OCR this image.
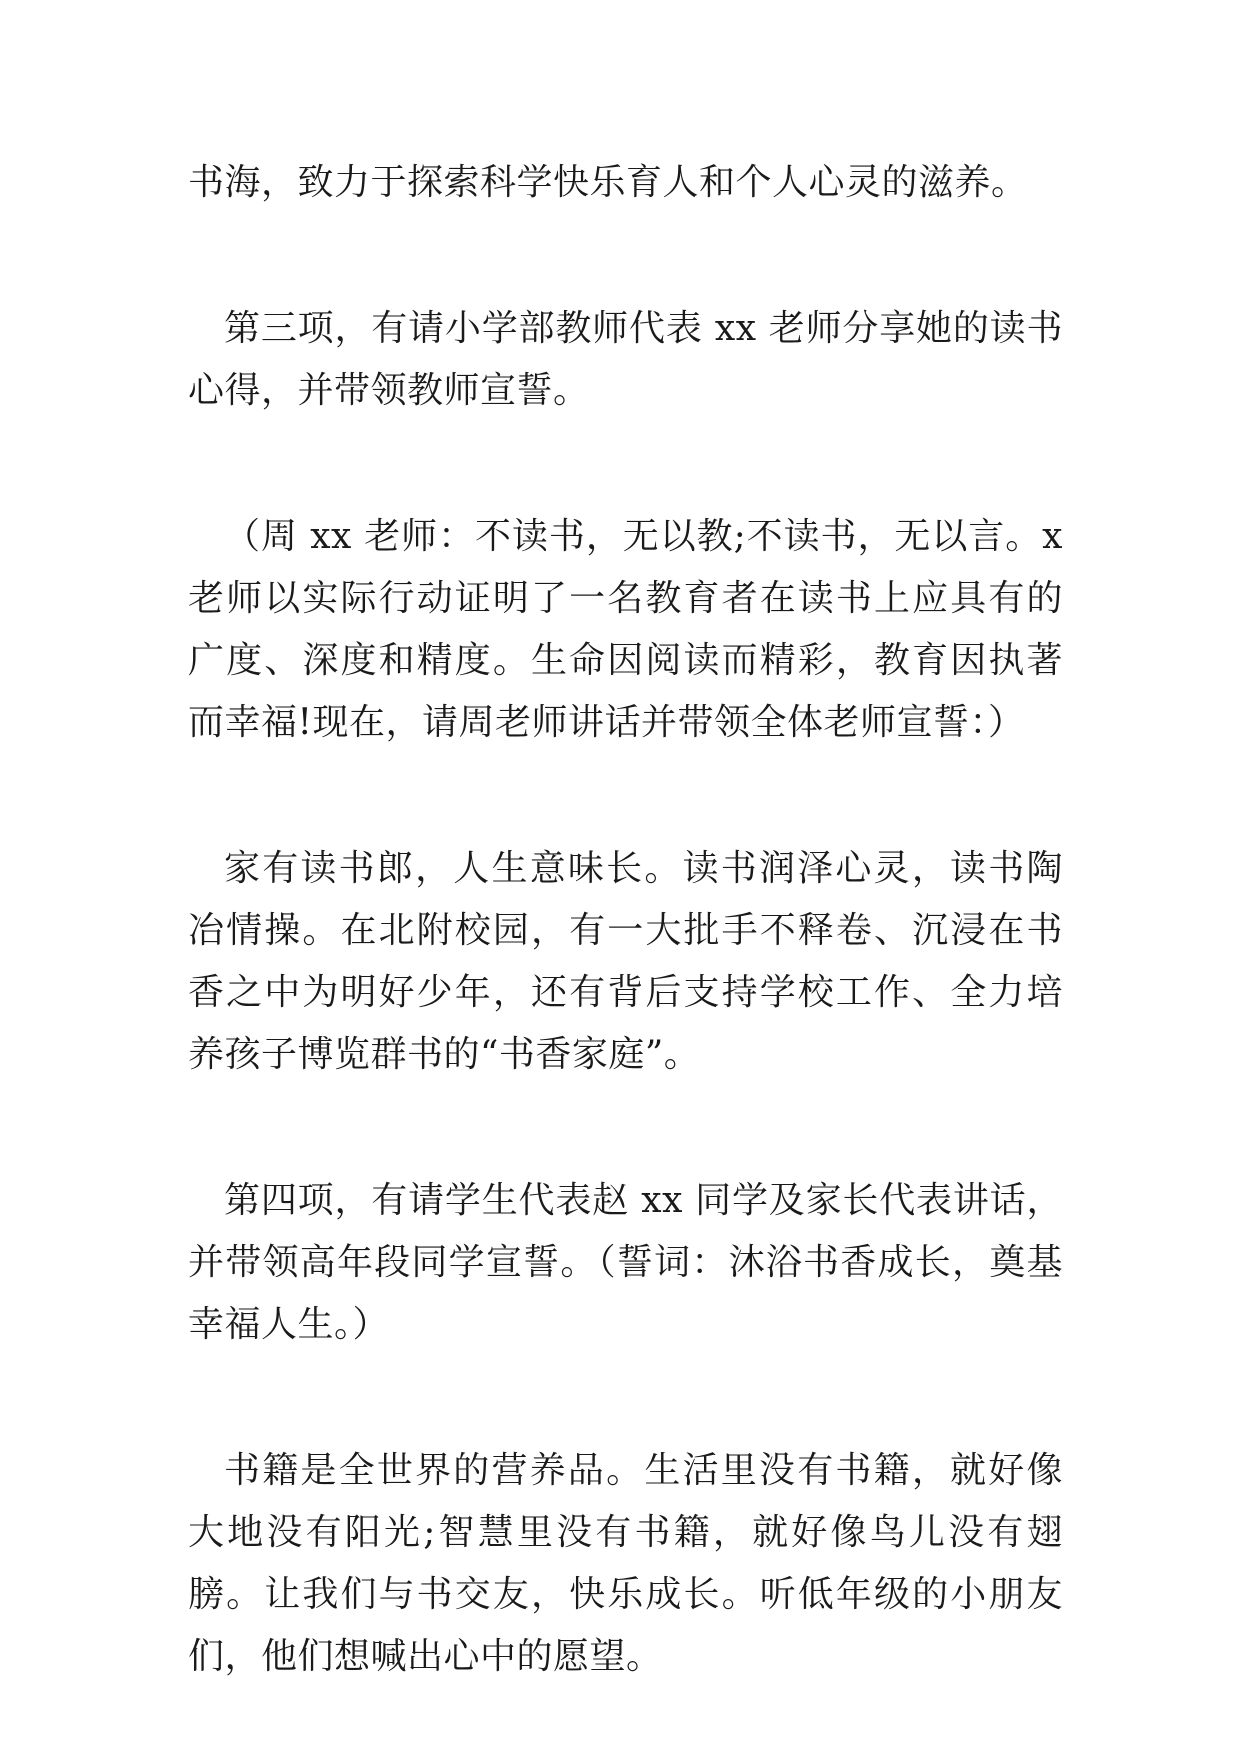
书海，致力于探索科学快乐育人和个人心灵的滋养。

第三项，有请小学部教师代表 xx 老师分享她的读书心得，并带领教师宣誓。

（周 xx 老师：不读书，无以教;不读书，无以言。x 老师以实际行动证明了一名教育者在读书上应具有的广度、深度和精度。生命因阅读而精彩，教育因执著而幸福!现在，请周老师讲话并带领全体老师宣誓：）

家有读书郎，人生意味长。读书润泽心灵，读书陶冶情操。在北附校园，有一大批手不释卷、沉浸在书香之中为明好少年，还有背后支持学校工作、全力培养孩子博览群书的“书香家庭”。

第四项，有请学生代表赵 xx 同学及家长代表讲话，并带领高年段同学宣誓。（誓词：沐浴书香成长，奠基幸福人生。）

书籍是全世界的营养品。生活里没有书籍，就好像大地没有阳光;智慧里没有书籍，就好像鸟儿没有翅膀。让我们与书交友，快乐成长。听低年级的小朋友们，他们想喊出心中的愿望。
